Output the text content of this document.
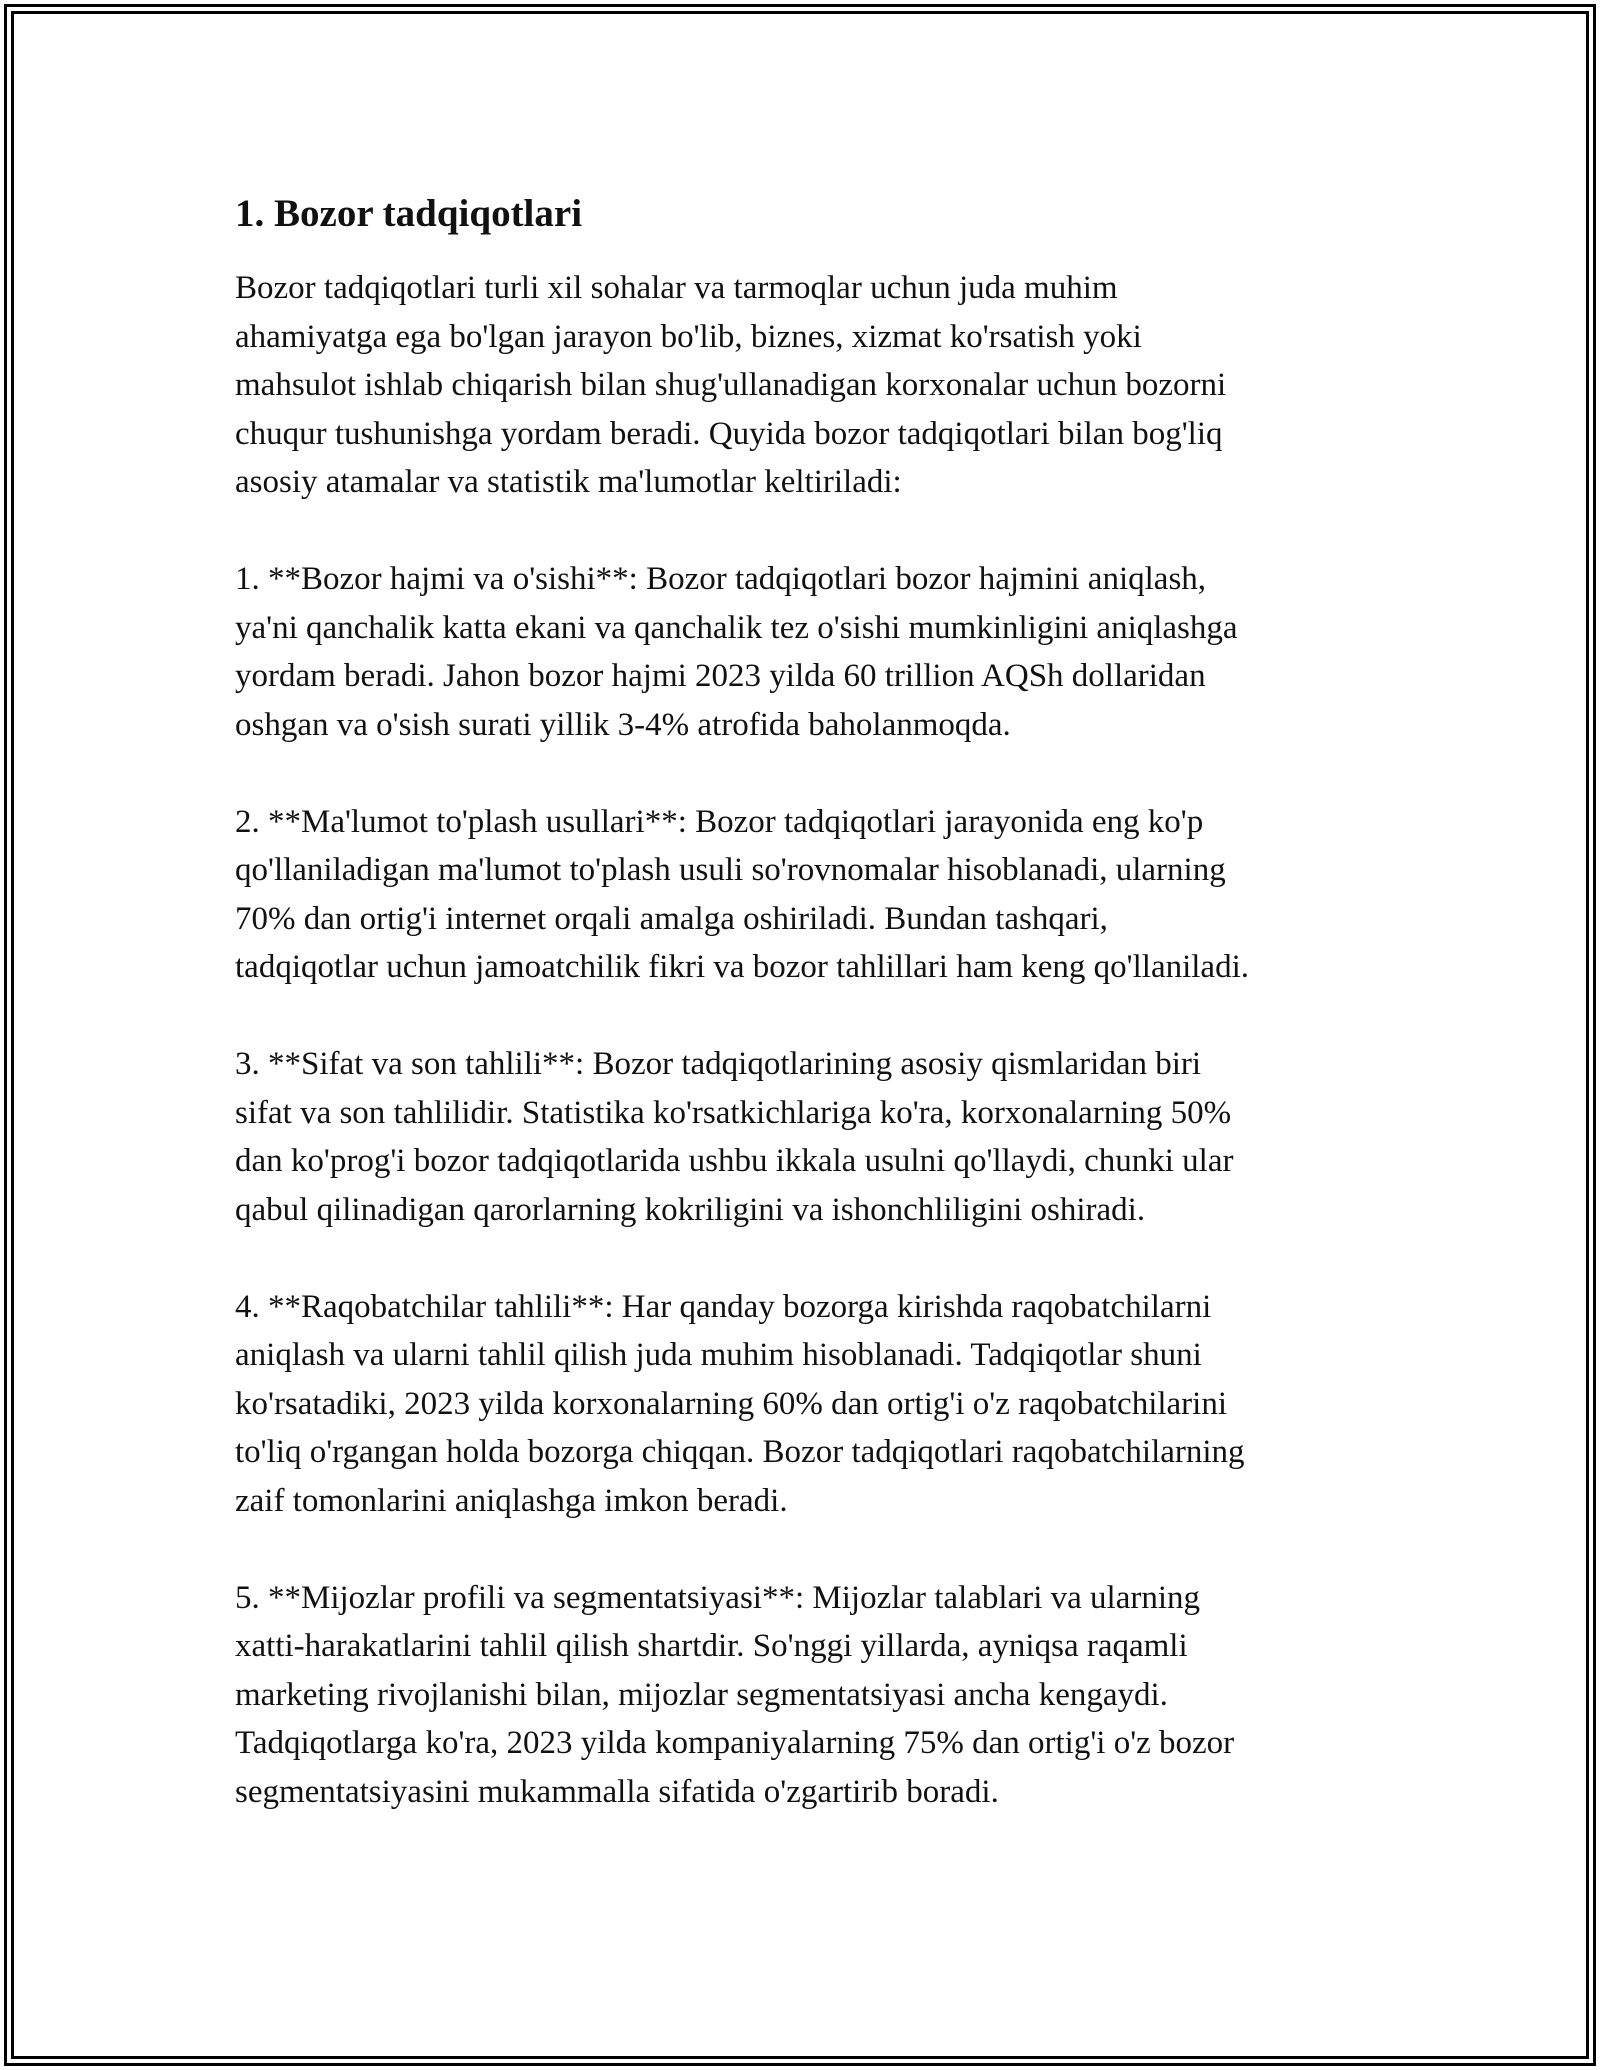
1. Bozor tadqiqotlari

Bozor tadqiqotlari turli xil sohalar va tarmoqlar uchun juda muhim
ahamiyatga ega bo'lgan jarayon bo'lib, biznes, xizmat ko'rsatish yoki
mahsulot ishlab chiqarish bilan shug'ullanadigan korxonalar uchun bozorni
chuqur tushunishga yordam beradi. Quyida bozor tadqiqotlari bilan bog'liq
asosiy atamalar va statistik ma'lumotlar keltiriladi:

1. **Bozor hajmi va o'sishi**: Bozor tadqiqotlari bozor hajmini aniqlash,
ya'ni qanchalik katta ekani va qanchalik tez o'sishi mumkinligini aniqlashga
yordam beradi. Jahon bozor hajmi 2023 yilda 60 trillion AQSh dollaridan
oshgan va o'sish surati yillik 3-4% atrofida baholanmoqda.

2. **Ma'lumot to'plash usullari**: Bozor tadqiqotlari jarayonida eng ko'p
qo'llaniladigan ma'lumot to'plash usuli so'rovnomalar hisoblanadi, ularning
70% dan ortig'i internet orqali amalga oshiriladi. Bundan tashqari,
tadqiqotlar uchun jamoatchilik fikri va bozor tahlillari ham keng qo'llaniladi.

3. **Sifat va son tahlili**: Bozor tadqiqotlarining asosiy qismlaridan biri
sifat va son tahlilidir. Statistika ko'rsatkichlariga ko'ra, korxonalarning 50%
dan ko'prog'i bozor tadqiqotlarida ushbu ikkala usulni qo'llaydi, chunki ular
qabul qilinadigan qarorlarning kokriligini va ishonchliligini oshiradi.

4. **Raqobatchilar tahlili**: Har qanday bozorga kirishda raqobatchilarni
aniqlash va ularni tahlil qilish juda muhim hisoblanadi. Tadqiqotlar shuni
ko'rsatadiki, 2023 yilda korxonalarning 60% dan ortig'i o'z raqobatchilarini
to'liq o'rgangan holda bozorga chiqqan. Bozor tadqiqotlari raqobatchilarning
zaif tomonlarini aniqlashga imkon beradi.

5. **Mijozlar profili va segmentatsiyasi**: Mijozlar talablari va ularning
xatti-harakatlarini tahlil qilish shartdir. So'nggi yillarda, ayniqsa raqamli
marketing rivojlanishi bilan, mijozlar segmentatsiyasi ancha kengaydi.
Tadqiqotlarga ko'ra, 2023 yilda kompaniyalarning 75% dan ortig'i o'z bozor
segmentatsiyasini mukammalla sifatida o'zgartirib boradi.
